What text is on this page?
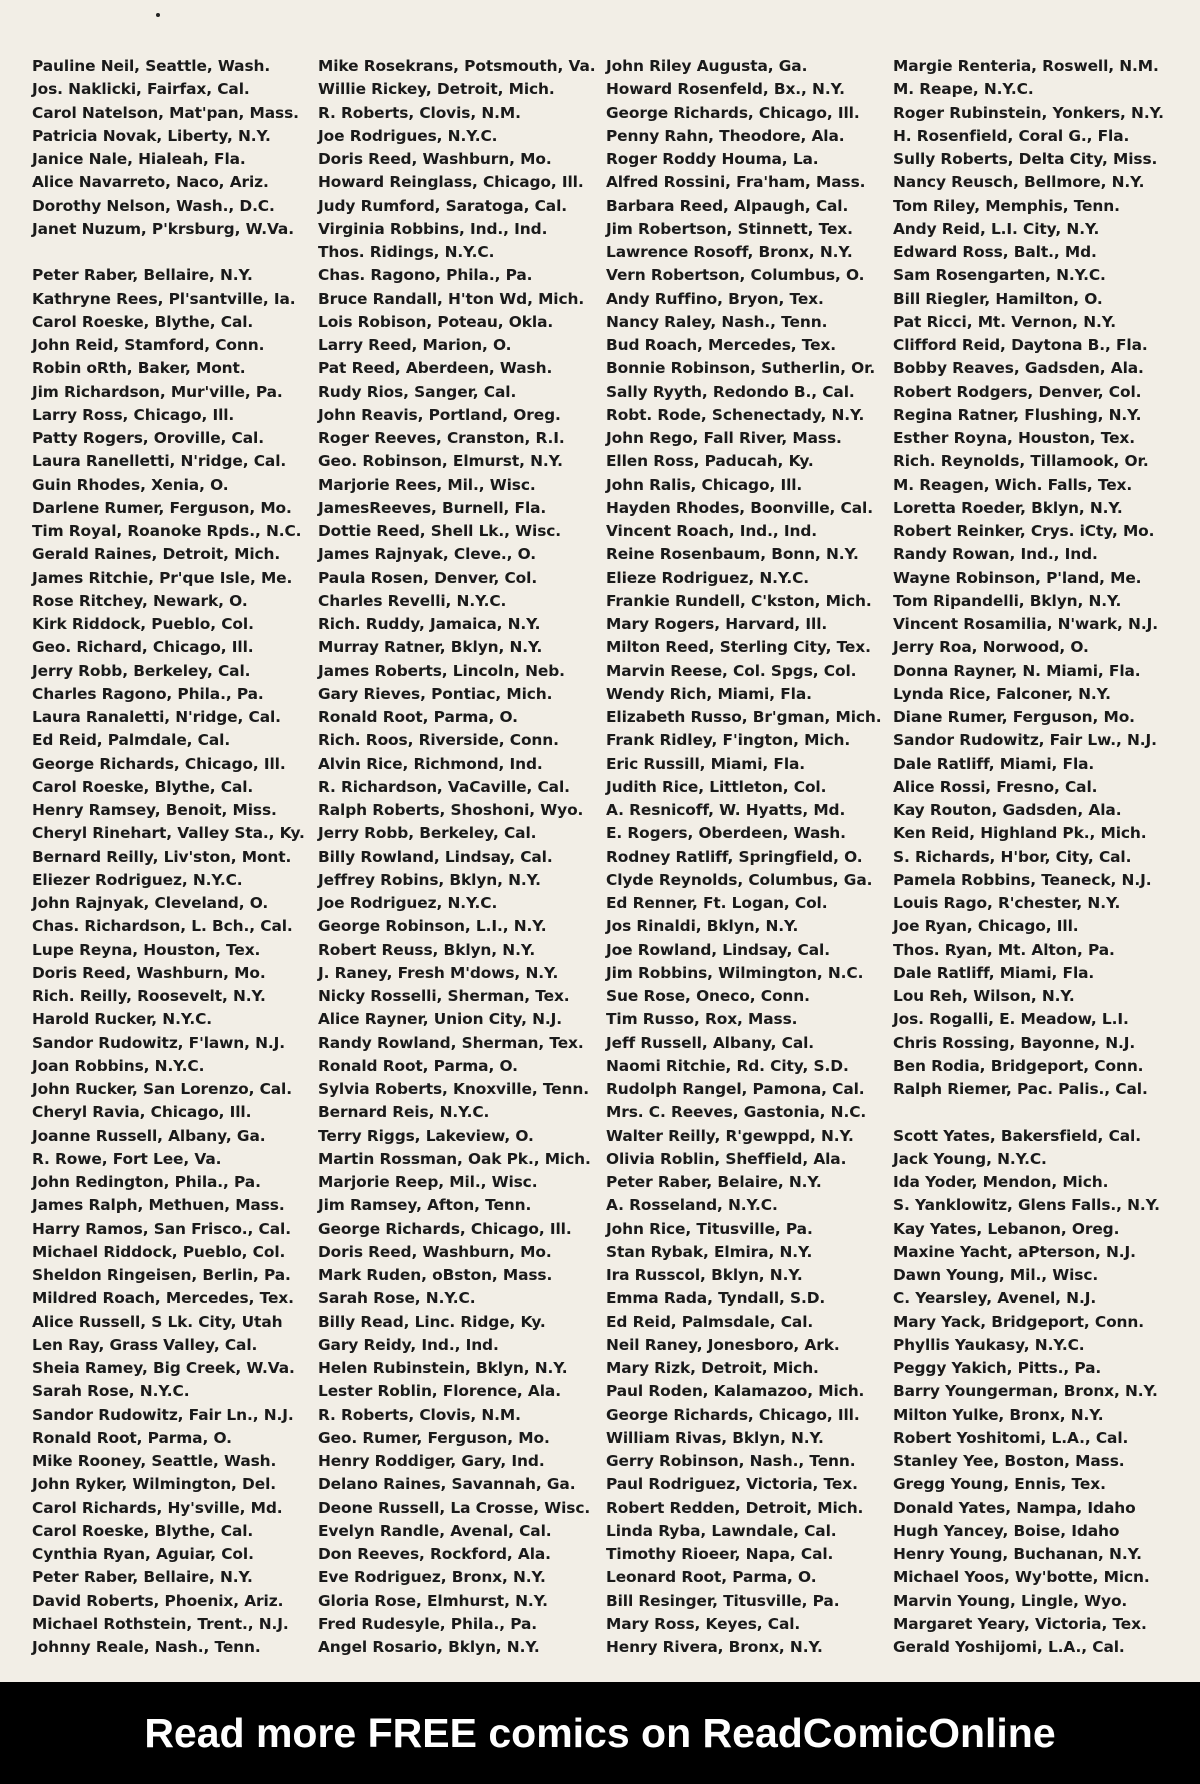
Pauline Neil, Seattle, Wash.
Jos. Naklicki, Fairfax, Cal.
Carol Natelson, Mat'pan, Mass.
Patricia Novak, Liberty, N.Y.
Janice Nale, Hialeah, Fla.
Alice Navarreto, Naco, Ariz.
Dorothy Nelson, Wash., D.C.
Janet Nuzum, P'krsburg, W.Va.
Peter Raber, Bellaire, N.Y.
Kathryne Rees, Pl'santville, Ia.
Carol Roeske, Blythe, Cal.
John Reid, Stamford, Conn.
Robin oRth, Baker, Mont.
Jim Richardson, Mur'ville, Pa.
Larry Ross, Chicago, Ill.
Patty Rogers, Oroville, Cal.
Laura Ranelletti, N'ridge, Cal.
Guin Rhodes, Xenia, O.
Darlene Rumer, Ferguson, Mo.
Tim Royal, Roanoke Rpds., N.C.
Gerald Raines, Detroit, Mich.
James Ritchie, Pr'que Isle, Me.
Rose Ritchey, Newark, O.
Kirk Riddock, Pueblo, Col.
Geo. Richard, Chicago, Ill.
Jerry Robb, Berkeley, Cal.
Charles Ragono, Phila., Pa.
Laura Ranaletti, N'ridge, Cal.
Ed Reid, Palmdale, Cal.
George Richards, Chicago, Ill.
Carol Roeske, Blythe, Cal.
Henry Ramsey, Benoit, Miss.
Cheryl Rinehart, Valley Sta., Ky.
Bernard Reilly, Liv'ston, Mont.
Eliezer Rodriguez, N.Y.C.
John Rajnyak, Cleveland, O.
Chas. Richardson, L. Bch., Cal.
Lupe Reyna, Houston, Tex.
Doris Reed, Washburn, Mo.
Rich. Reilly, Roosevelt, N.Y.
Harold Rucker, N.Y.C.
Sandor Rudowitz, F'lawn, N.J.
Joan Robbins, N.Y.C.
John Rucker, San Lorenzo, Cal.
Cheryl Ravia, Chicago, Ill.
Joanne Russell, Albany, Ga.
R. Rowe, Fort Lee, Va.
John Redington, Phila., Pa.
James Ralph, Methuen, Mass.
Harry Ramos, San Frisco., Cal.
Michael Riddock, Pueblo, Col.
Sheldon Ringeisen, Berlin, Pa.
Mildred Roach, Mercedes, Tex.
Alice Russell, S Lk. City, Utah
Len Ray, Grass Valley, Cal.
Sheia Ramey, Big Creek, W.Va.
Sarah Rose, N.Y.C.
Sandor Rudowitz, Fair Ln., N.J.
Ronald Root, Parma, O.
Mike Rooney, Seattle, Wash.
John Ryker, Wilmington, Del.
Carol Richards, Hy'sville, Md.
Carol Roeske, Blythe, Cal.
Cynthia Ryan, Aguiar, Col.
Peter Raber, Bellaire, N.Y.
David Roberts, Phoenix, Ariz.
Michael Rothstein, Trent., N.J.
Johnny Reale, Nash., Tenn.
Mike Rosekrans, Potsmouth, Va.
Willie Rickey, Detroit, Mich.
R. Roberts, Clovis, N.M.
Joe Rodrigues, N.Y.C.
Doris Reed, Washburn, Mo.
Howard Reinglass, Chicago, Ill.
Judy Rumford, Saratoga, Cal.
Virginia Robbins, Ind., Ind.
Thos. Ridings, N.Y.C.
Chas. Ragono, Phila., Pa.
Bruce Randall, H'ton Wd, Mich.
Lois Robison, Poteau, Okla.
Larry Reed, Marion, O.
Pat Reed, Aberdeen, Wash.
Rudy Rios, Sanger, Cal.
John Reavis, Portland, Oreg.
Roger Reeves, Cranston, R.I.
Geo. Robinson, Elmurst, N.Y.
Marjorie Rees, Mil., Wisc.
JamesReeves, Burnell, Fla.
Dottie Reed, Shell Lk., Wisc.
James Rajnyak, Cleve., O.
Paula Rosen, Denver, Col.
Charles Revelli, N.Y.C.
Rich. Ruddy, Jamaica, N.Y.
Murray Ratner, Bklyn, N.Y.
James Roberts, Lincoln, Neb.
Gary Rieves, Pontiac, Mich.
Ronald Root, Parma, O.
Rich. Roos, Riverside, Conn.
Alvin Rice, Richmond, Ind.
R. Richardson, VaCaville, Cal.
Ralph Roberts, Shoshoni, Wyo.
Jerry Robb, Berkeley, Cal.
Billy Rowland, Lindsay, Cal.
Jeffrey Robins, Bklyn, N.Y.
Joe Rodriguez, N.Y.C.
George Robinson, L.I., N.Y.
Robert Reuss, Bklyn, N.Y.
J. Raney, Fresh M'dows, N.Y.
Nicky Rosselli, Sherman, Tex.
Alice Rayner, Union City, N.J.
Randy Rowland, Sherman, Tex.
Ronald Root, Parma, O.
Sylvia Roberts, Knoxville, Tenn.
Bernard Reis, N.Y.C.
Terry Riggs, Lakeview, O.
Martin Rossman, Oak Pk., Mich.
Marjorie Reep, Mil., Wisc.
Jim Ramsey, Afton, Tenn.
George Richards, Chicago, Ill.
Doris Reed, Washburn, Mo.
Mark Ruden, oBston, Mass.
Sarah Rose, N.Y.C.
Billy Read, Linc. Ridge, Ky.
Gary Reidy, Ind., Ind.
Helen Rubinstein, Bklyn, N.Y.
Lester Roblin, Florence, Ala.
R. Roberts, Clovis, N.M.
Geo. Rumer, Ferguson, Mo.
Henry Roddiger, Gary, Ind.
Delano Raines, Savannah, Ga.
Deone Russell, La Crosse, Wisc.
Evelyn Randle, Avenal, Cal.
Don Reeves, Rockford, Ala.
Eve Rodriguez, Bronx, N.Y.
Gloria Rose, Elmhurst, N.Y.
Fred Rudesyle, Phila., Pa.
Angel Rosario, Bklyn, N.Y.
John Riley Augusta, Ga.
Howard Rosenfeld, Bx., N.Y.
George Richards, Chicago, Ill.
Penny Rahn, Theodore, Ala.
Roger Roddy Houma, La.
Alfred Rossini, Fra'ham, Mass.
Barbara Reed, Alpaugh, Cal.
Jim Robertson, Stinnett, Tex.
Lawrence Rosoff, Bronx, N.Y.
Vern Robertson, Columbus, O.
Andy Ruffino, Bryon, Tex.
Nancy Raley, Nash., Tenn.
Bud Roach, Mercedes, Tex.
Bonnie Robinson, Sutherlin, Or.
Sally Ryyth, Redondo B., Cal.
Robt. Rode, Schenectady, N.Y.
John Rego, Fall River, Mass.
Ellen Ross, Paducah, Ky.
John Ralis, Chicago, Ill.
Hayden Rhodes, Boonville, Cal.
Vincent Roach, Ind., Ind.
Reine Rosenbaum, Bonn, N.Y.
Elieze Rodriguez, N.Y.C.
Frankie Rundell, C'kston, Mich.
Mary Rogers, Harvard, Ill.
Milton Reed, Sterling City, Tex.
Marvin Reese, Col. Spgs, Col.
Wendy Rich, Miami, Fla.
Elizabeth Russo, Br'gman, Mich.
Frank Ridley, F'ington, Mich.
Eric Russill, Miami, Fla.
Judith Rice, Littleton, Col.
A. Resnicoff, W. Hyatts, Md.
E. Rogers, Oberdeen, Wash.
Rodney Ratliff, Springfield, O.
Clyde Reynolds, Columbus, Ga.
Ed Renner, Ft. Logan, Col.
Jos Rinaldi, Bklyn, N.Y.
Joe Rowland, Lindsay, Cal.
Jim Robbins, Wilmington, N.C.
Sue Rose, Oneco, Conn.
Tim Russo, Rox, Mass.
Jeff Russell, Albany, Cal.
Naomi Ritchie, Rd. City, S.D.
Rudolph Rangel, Pamona, Cal.
Mrs. C. Reeves, Gastonia, N.C.
Walter Reilly, R'gewppd, N.Y.
Olivia Roblin, Sheffield, Ala.
Peter Raber, Belaire, N.Y.
A. Rosseland, N.Y.C.
John Rice, Titusville, Pa.
Stan Rybak, Elmira, N.Y.
Ira Russcol, Bklyn, N.Y.
Emma Rada, Tyndall, S.D.
Ed Reid, Palmsdale, Cal.
Neil Raney, Jonesboro, Ark.
Mary Rizk, Detroit, Mich.
Paul Roden, Kalamazoo, Mich.
George Richards, Chicago, Ill.
William Rivas, Bklyn, N.Y.
Gerry Robinson, Nash., Tenn.
Paul Rodriguez, Victoria, Tex.
Robert Redden, Detroit, Mich.
Linda Ryba, Lawndale, Cal.
Timothy Rioeer, Napa, Cal.
Leonard Root, Parma, O.
Bill Resinger, Titusville, Pa.
Mary Ross, Keyes, Cal.
Henry Rivera, Bronx, N.Y.
Margie Renteria, Roswell, N.M.
M. Reape, N.Y.C.
Roger Rubinstein, Yonkers, N.Y.
H. Rosenfield, Coral G., Fla.
Sully Roberts, Delta City, Miss.
Nancy Reusch, Bellmore, N.Y.
Tom Riley, Memphis, Tenn.
Andy Reid, L.I. City, N.Y.
Edward Ross, Balt., Md.
Sam Rosengarten, N.Y.C.
Bill Riegler, Hamilton, O.
Pat Ricci, Mt. Vernon, N.Y.
Clifford Reid, Daytona B., Fla.
Bobby Reaves, Gadsden, Ala.
Robert Rodgers, Denver, Col.
Regina Ratner, Flushing, N.Y.
Esther Royna, Houston, Tex.
Rich. Reynolds, Tillamook, Or.
M. Reagen, Wich. Falls, Tex.
Loretta Roeder, Bklyn, N.Y.
Robert Reinker, Crys. iCty, Mo.
Randy Rowan, Ind., Ind.
Wayne Robinson, P'land, Me.
Tom Ripandelli, Bklyn, N.Y.
Vincent Rosamilia, N'wark, N.J.
Jerry Roa, Norwood, O.
Donna Rayner, N. Miami, Fla.
Lynda Rice, Falconer, N.Y.
Diane Rumer, Ferguson, Mo.
Sandor Rudowitz, Fair Lw., N.J.
Dale Ratliff, Miami, Fla.
Alice Rossi, Fresno, Cal.
Kay Routon, Gadsden, Ala.
Ken Reid, Highland Pk., Mich.
S. Richards, H'bor, City, Cal.
Pamela Robbins, Teaneck, N.J.
Louis Rago, R'chester, N.Y.
Joe Ryan, Chicago, Ill.
Thos. Ryan, Mt. Alton, Pa.
Dale Ratliff, Miami, Fla.
Lou Reh, Wilson, N.Y.
Jos. Rogalli, E. Meadow, L.I.
Chris Rossing, Bayonne, N.J.
Ben Rodia, Bridgeport, Conn.
Ralph Riemer, Pac. Palis., Cal.
Scott Yates, Bakersfield, Cal.
Jack Young, N.Y.C.
Ida Yoder, Mendon, Mich.
S. Yanklowitz, Glens Falls., N.Y.
Kay Yates, Lebanon, Oreg.
Maxine Yacht, aPterson, N.J.
Dawn Young, Mil., Wisc.
C. Yearsley, Avenel, N.J.
Mary Yack, Bridgeport, Conn.
Phyllis Yaukasy, N.Y.C.
Peggy Yakich, Pitts., Pa.
Barry Youngerman, Bronx, N.Y.
Milton Yulke, Bronx, N.Y.
Robert Yoshitomi, L.A., Cal.
Stanley Yee, Boston, Mass.
Gregg Young, Ennis, Tex.
Donald Yates, Nampa, Idaho
Hugh Yancey, Boise, Idaho
Henry Young, Buchanan, N.Y.
Michael Yoos, Wy'botte, Micn.
Marvin Young, Lingle, Wyo.
Margaret Yeary, Victoria, Tex.
Gerald Yoshijomi, L.A., Cal.
Read more FREE comics on ReadComicOnline
